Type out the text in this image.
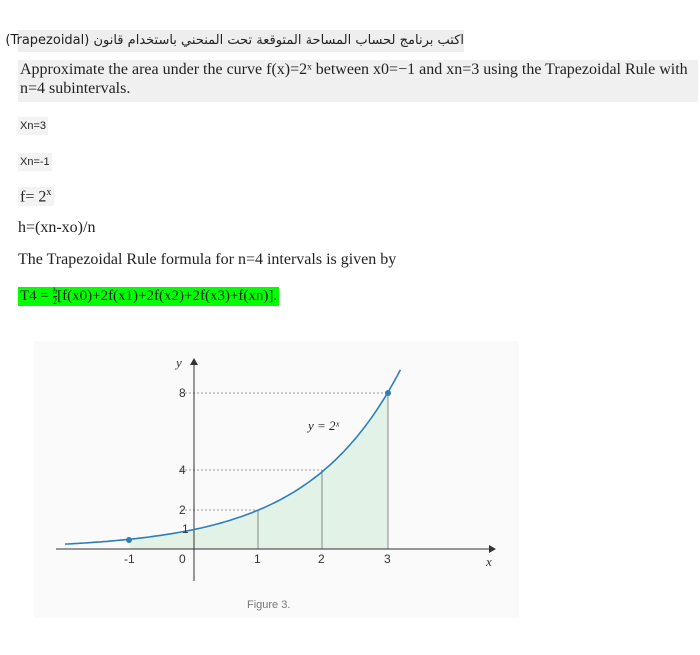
اكتب برنامج لحساب المساحة المتوقعة تحت المنحني باستخدام قانون (Trapezoidal)
Approximate the area under the curve f(x)=2ˣ between x0=−1 and xn=3 using the Trapezoidal Rule with n=4 subintervals.
Xn=3
Xn=-1
$f= 2^x$
h=(xn-xo)/n
The Trapezoidal Rule formula for n=4 intervals is given by
$T4 = \frac{h}{2} [f(x0)+2f(x1)+2f(x2)+2f(x3)+f(xn)]$.
-1	0	1	2	3
1
2
4
8
y
x
y = 2ˣ
Figure 3.
